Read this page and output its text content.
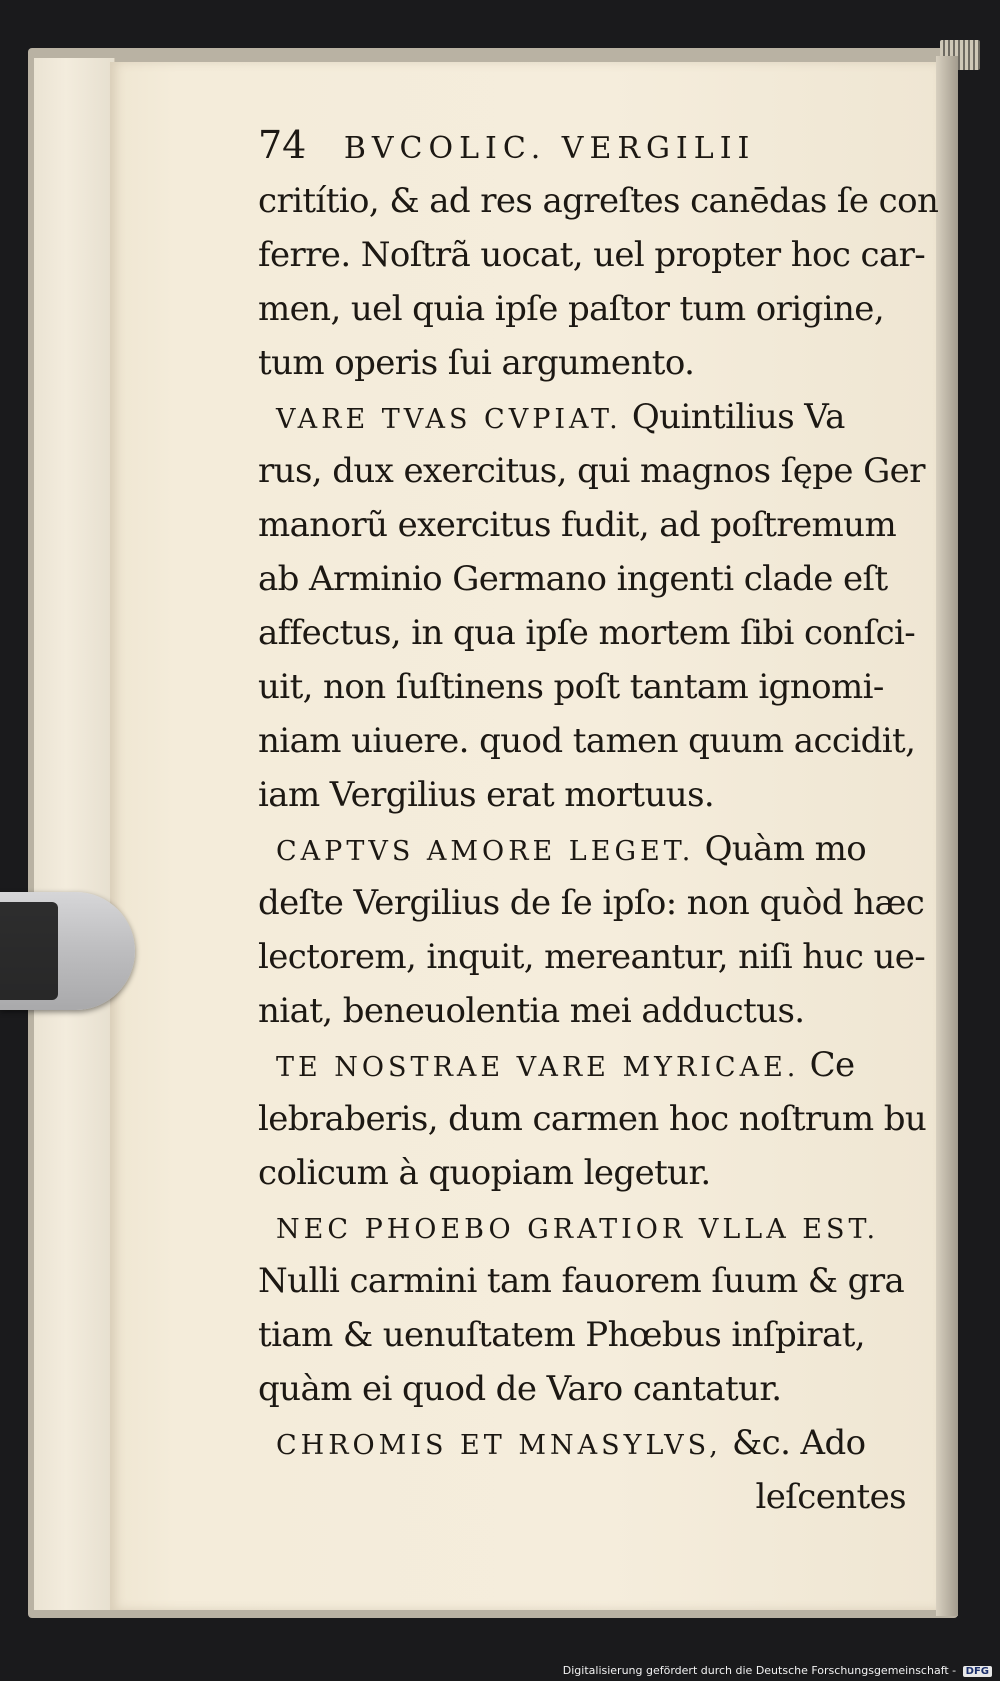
74 BVCOLIC. VERGILII
critítio, & ad res agreſtes canēdas ſe con
ferre. Noſtrã uocat, uel propter hoc car-
men, uel quia ipſe paſtor tum origine,
tum operis ſui argumento.
VARE TVAS CVPIAT. Quintilius Va
rus, dux exercitus, qui magnos ſępe Ger
manorũ exercitus fudit, ad poſtremum
ab Arminio Germano ingenti clade eſt
affectus, in qua ipſe mortem ſibi conſci-
uit, non ſuſtinens poſt tantam ignomi-
niam uiuere. quod tamen quum accidit,
iam Vergilius erat mortuus.
CAPTVS AMORE LEGET. Quàm mo
deſte Vergilius de ſe ipſo: non quòd hæc
lectorem, inquit, mereantur, niſi huc ue-
niat, beneuolentia mei adductus.
TE NOSTRAE VARE MYRICAE. Ce
lebraberis, dum carmen hoc noſtrum bu
colicum à quopiam legetur.
NEC PHOEBO GRATIOR VLLA EST.
Nulli carmini tam fauorem ſuum & gra
tiam & uenuſtatem Phœbus inſpirat,
quàm ei quod de Varo cantatur.
CHROMIS ET MNASYLVS, &c. Ado
leſcentes
Digitalisierung gefördert durch die Deutsche Forschungsgemeinschaft - DFG
